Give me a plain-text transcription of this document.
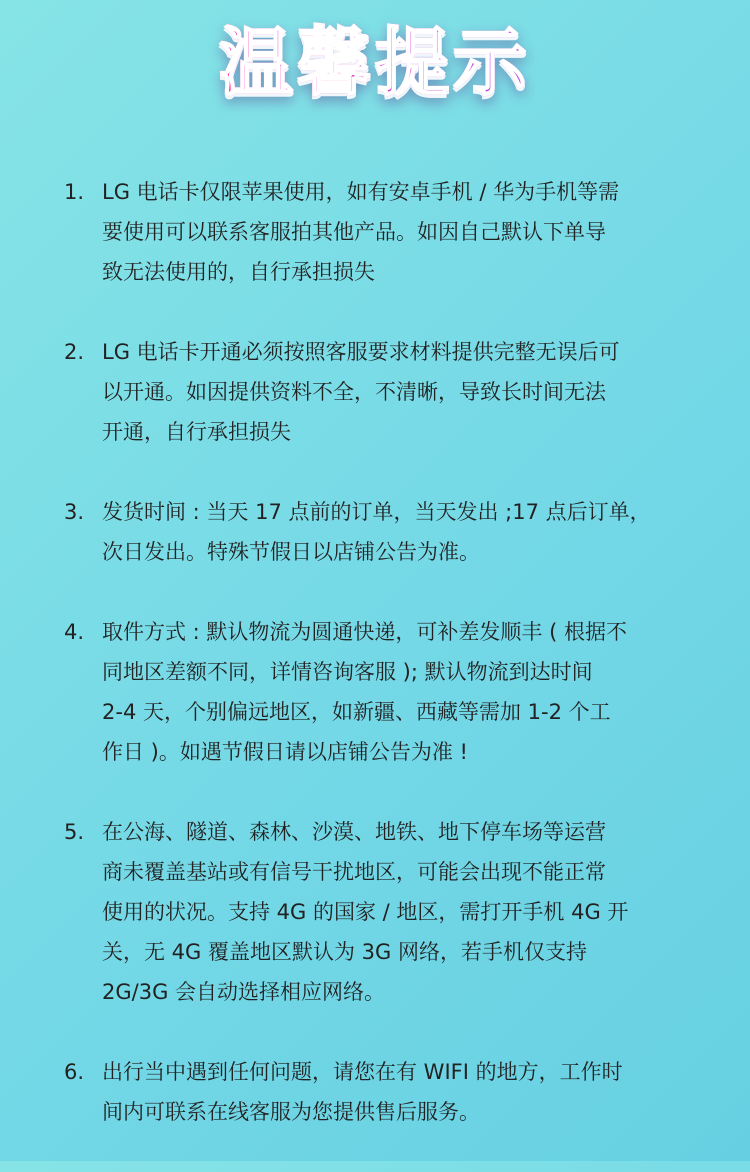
温馨提示
1. LG 电话卡仅限苹果使用，如有安卓手机 / 华为手机等需
要使用可以联系客服拍其他产品。如因自己默认下单导
致无法使用的，自行承担损失
2. LG 电话卡开通必须按照客服要求材料提供完整无误后可
以开通。如因提供资料不全，不清晰，导致长时间无法
开通，自行承担损失
3. 发货时间 : 当天 17 点前的订单，当天发出 ;17 点后订单，
次日发出。特殊节假日以店铺公告为准。
4. 取件方式 : 默认物流为圆通快递，可补差发顺丰 ( 根据不
同地区差额不同，详情咨询客服 ); 默认物流到达时间
2-4 天，个别偏远地区，如新疆、西藏等需加 1-2 个工
作日 )。如遇节假日请以店铺公告为准 !
5. 在公海、隧道、森林、沙漠、地铁、地下停车场等运营
商未覆盖基站或有信号干扰地区，可能会出现不能正常
使用的状况。支持 4G 的国家 / 地区，需打开手机 4G 开
关，无 4G 覆盖地区默认为 3G 网络，若手机仅支持
2G/3G 会自动选择相应网络。
6. 出行当中遇到任何问题，请您在有 WIFI 的地方，工作时
间内可联系在线客服为您提供售后服务。
